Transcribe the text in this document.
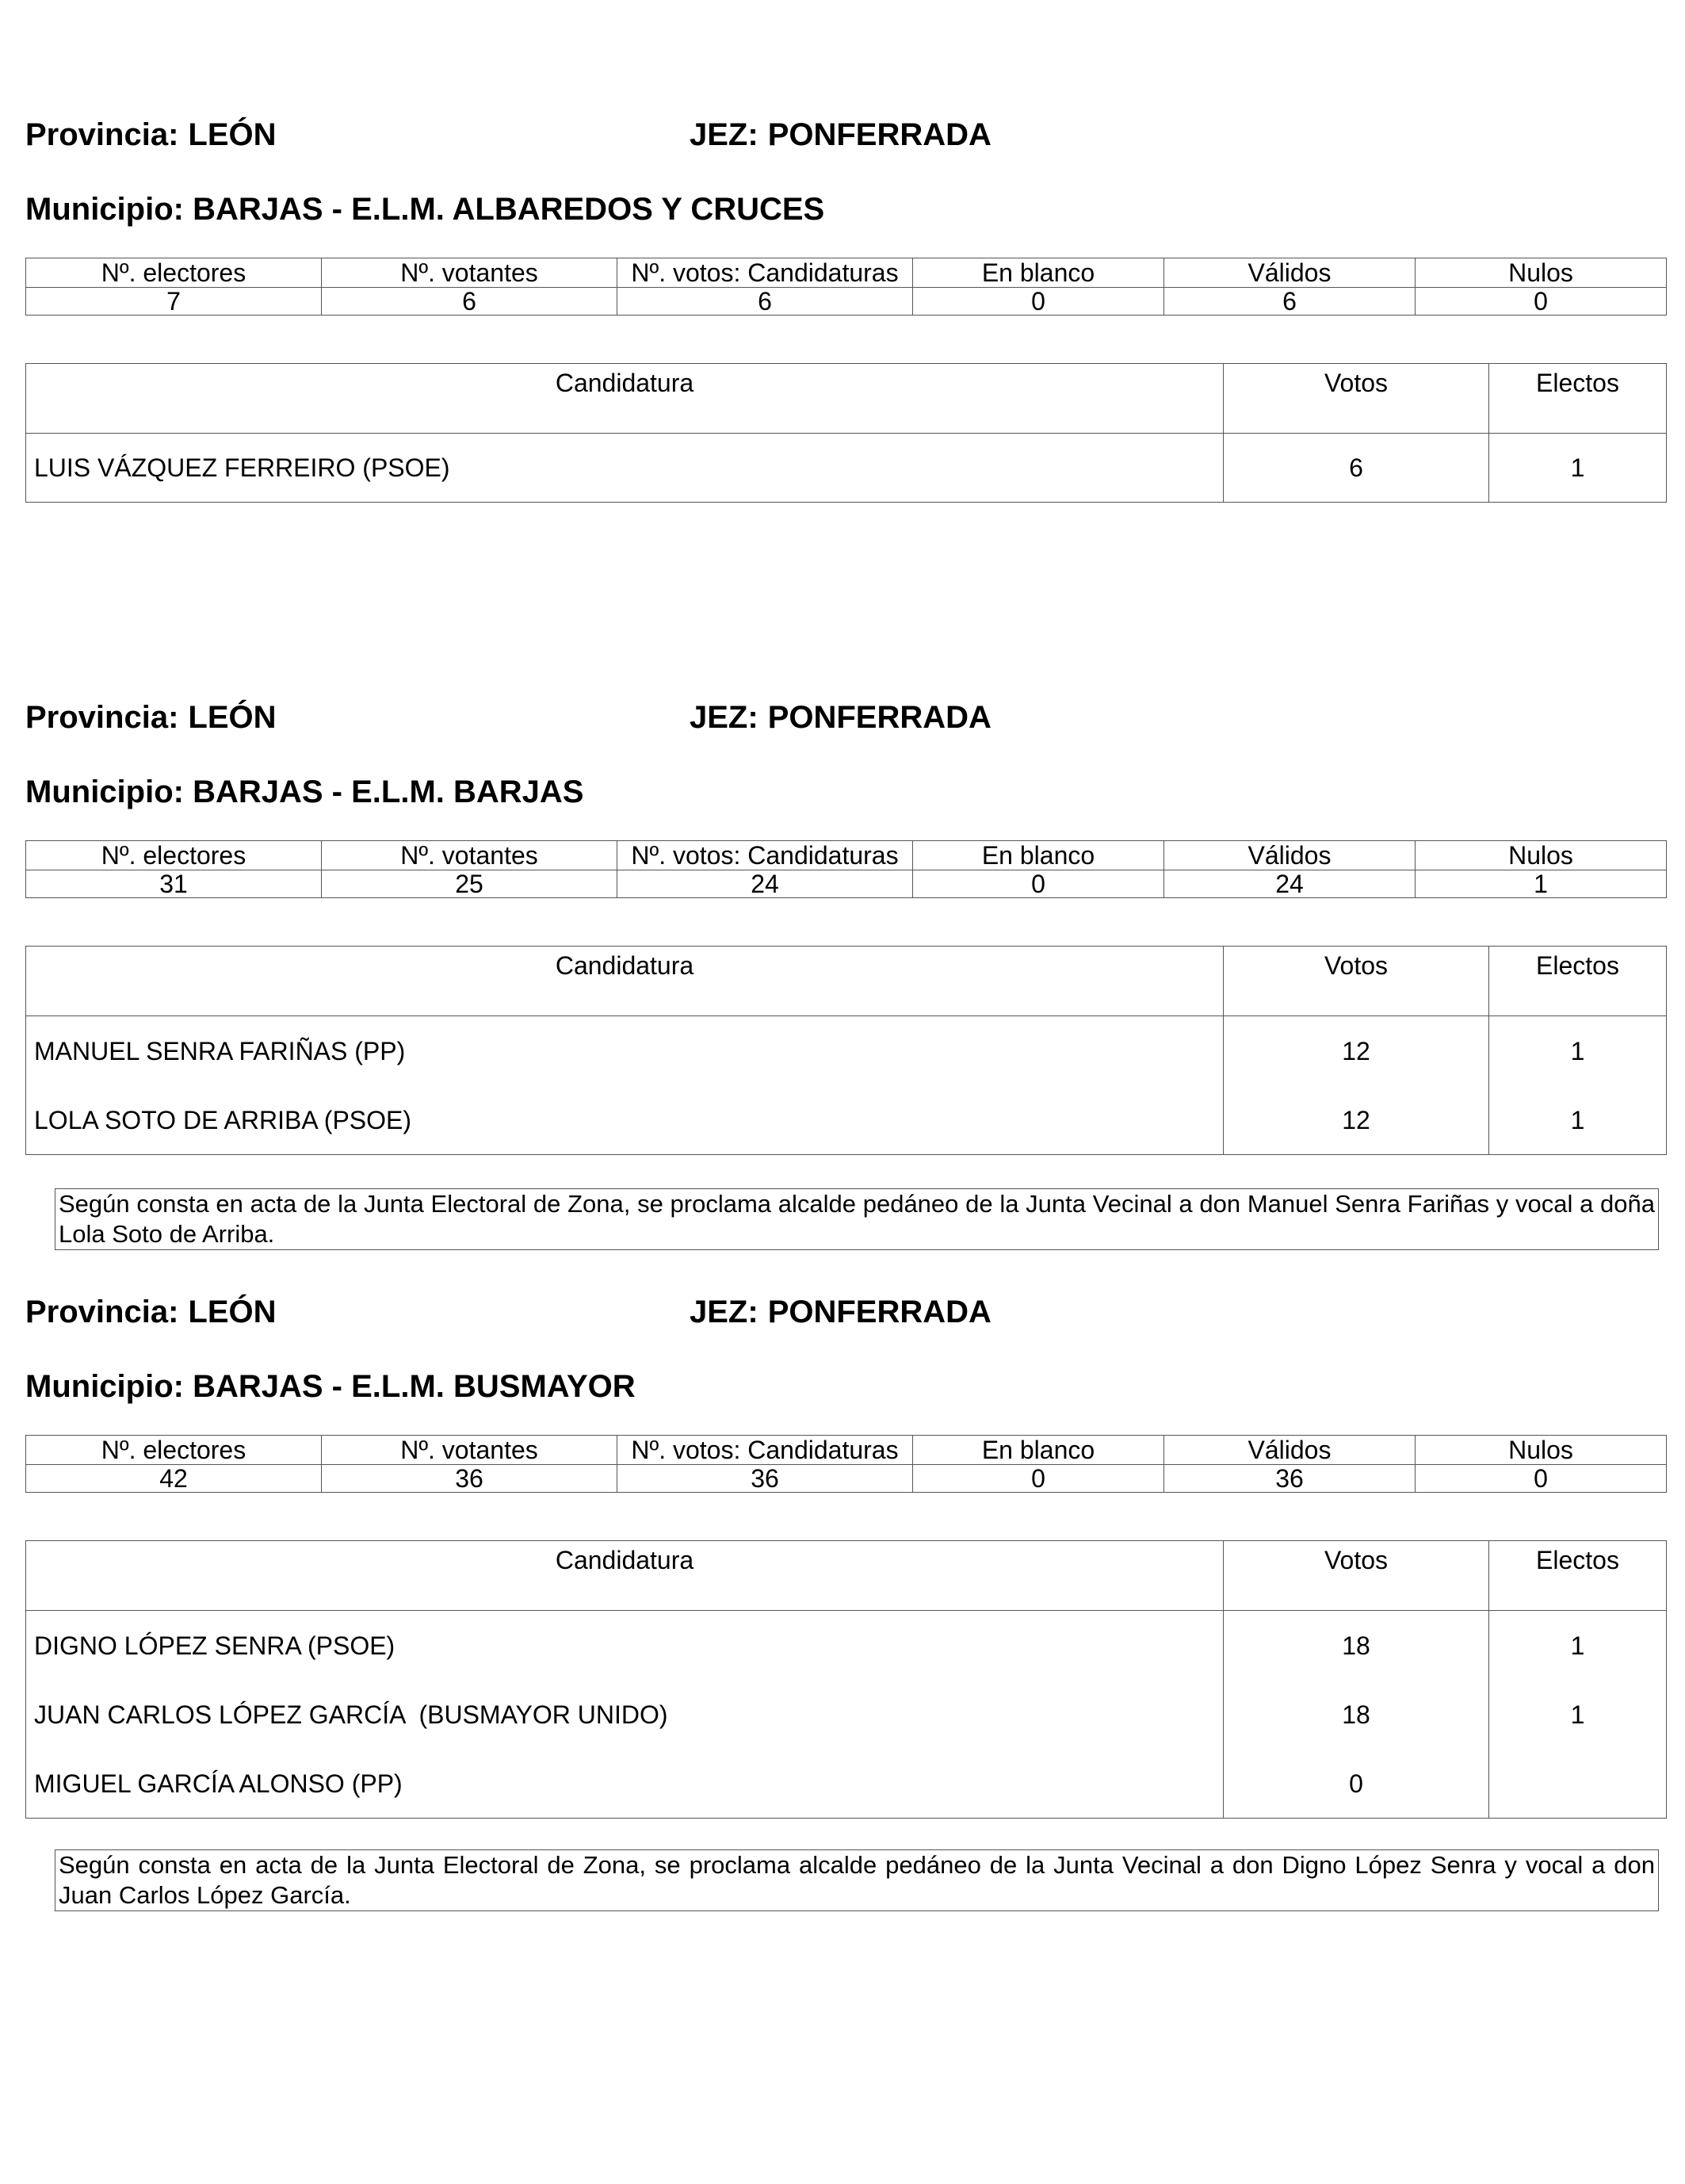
Provincia: LEÓN	JEZ: PONFERRADA
Municipio: BARJAS - E.L.M. ALBAREDOS Y CRUCES
Nº. electores	Nº. votantes	Nº. votos: Candidaturas	En blanco	Válidos	Nulos
7	6	6	0	6	0
Candidatura	Votos	Electos
LUIS VÁZQUEZ FERREIRO (PSOE)	6	1
Provincia: LEÓN	JEZ: PONFERRADA
Municipio: BARJAS - E.L.M. BARJAS
Nº. electores	Nº. votantes	Nº. votos: Candidaturas	En blanco	Válidos	Nulos
31	25	24	0	24	1
Candidatura	Votos	Electos
MANUEL SENRA FARIÑAS (PP)	12	1
LOLA SOTO DE ARRIBA (PSOE)	12	1
Según consta en acta de la Junta Electoral de Zona, se proclama alcalde pedáneo de la Junta Vecinal a don Manuel Senra Fariñas y vocal a doña Lola Soto de Arriba.
Provincia: LEÓN	JEZ: PONFERRADA
Municipio: BARJAS - E.L.M. BUSMAYOR
Nº. electores	Nº. votantes	Nº. votos: Candidaturas	En blanco	Válidos	Nulos
42	36	36	0	36	0
Candidatura	Votos	Electos
DIGNO LÓPEZ SENRA (PSOE)	18	1
JUAN CARLOS LÓPEZ GARCÍA  (BUSMAYOR UNIDO)	18	1
MIGUEL GARCÍA ALONSO (PP)	0	
Según consta en acta de la Junta Electoral de Zona, se proclama alcalde pedáneo de la Junta Vecinal a don Digno López Senra y vocal a don Juan Carlos López García.
